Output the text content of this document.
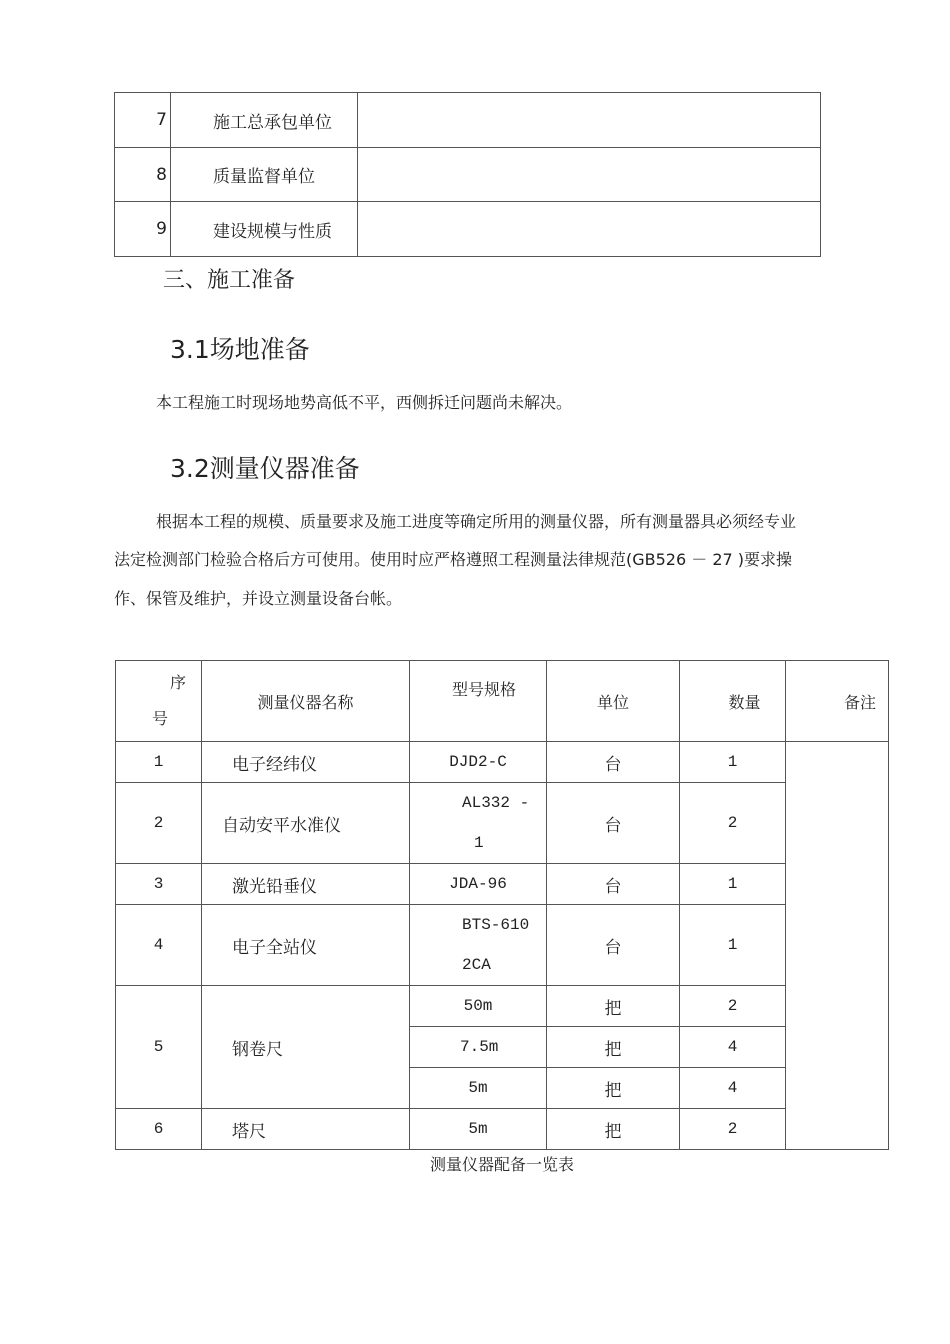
7	施工总承包单位	
8	质量监督单位	
9	建设规模与性质	
三、施工准备
3.1场地准备

本工程施工时现场地势高低不平，西侧拆迁问题尚未解决。

3.2测量仪器准备

根据本工程的规模、质量要求及施工进度等确定所用的测量仪器，所有测量器具必须经专业

法定检测部门检验合格后方可使用。使用时应严格遵照工程测量法律规范(GB526 － 27 )要求操

作、保管及维护，并设立测量设备台帐。

序
号	测量仪器名称	型号规格	单位	数量	备注
1	电子经纬仪	DJD2-C	台	1	
2	自动安平水准仪	AL332 -
1	台	2	
3	激光铅垂仪	JDA-96	台	1	
4	电子全站仪	BTS-610
2CA	台	1	
5	钢卷尺	50m	把	2	
		7.5m	把	4	
		5m	把	4	
6	塔尺	5m	把	2	

测量仪器配备一览表
